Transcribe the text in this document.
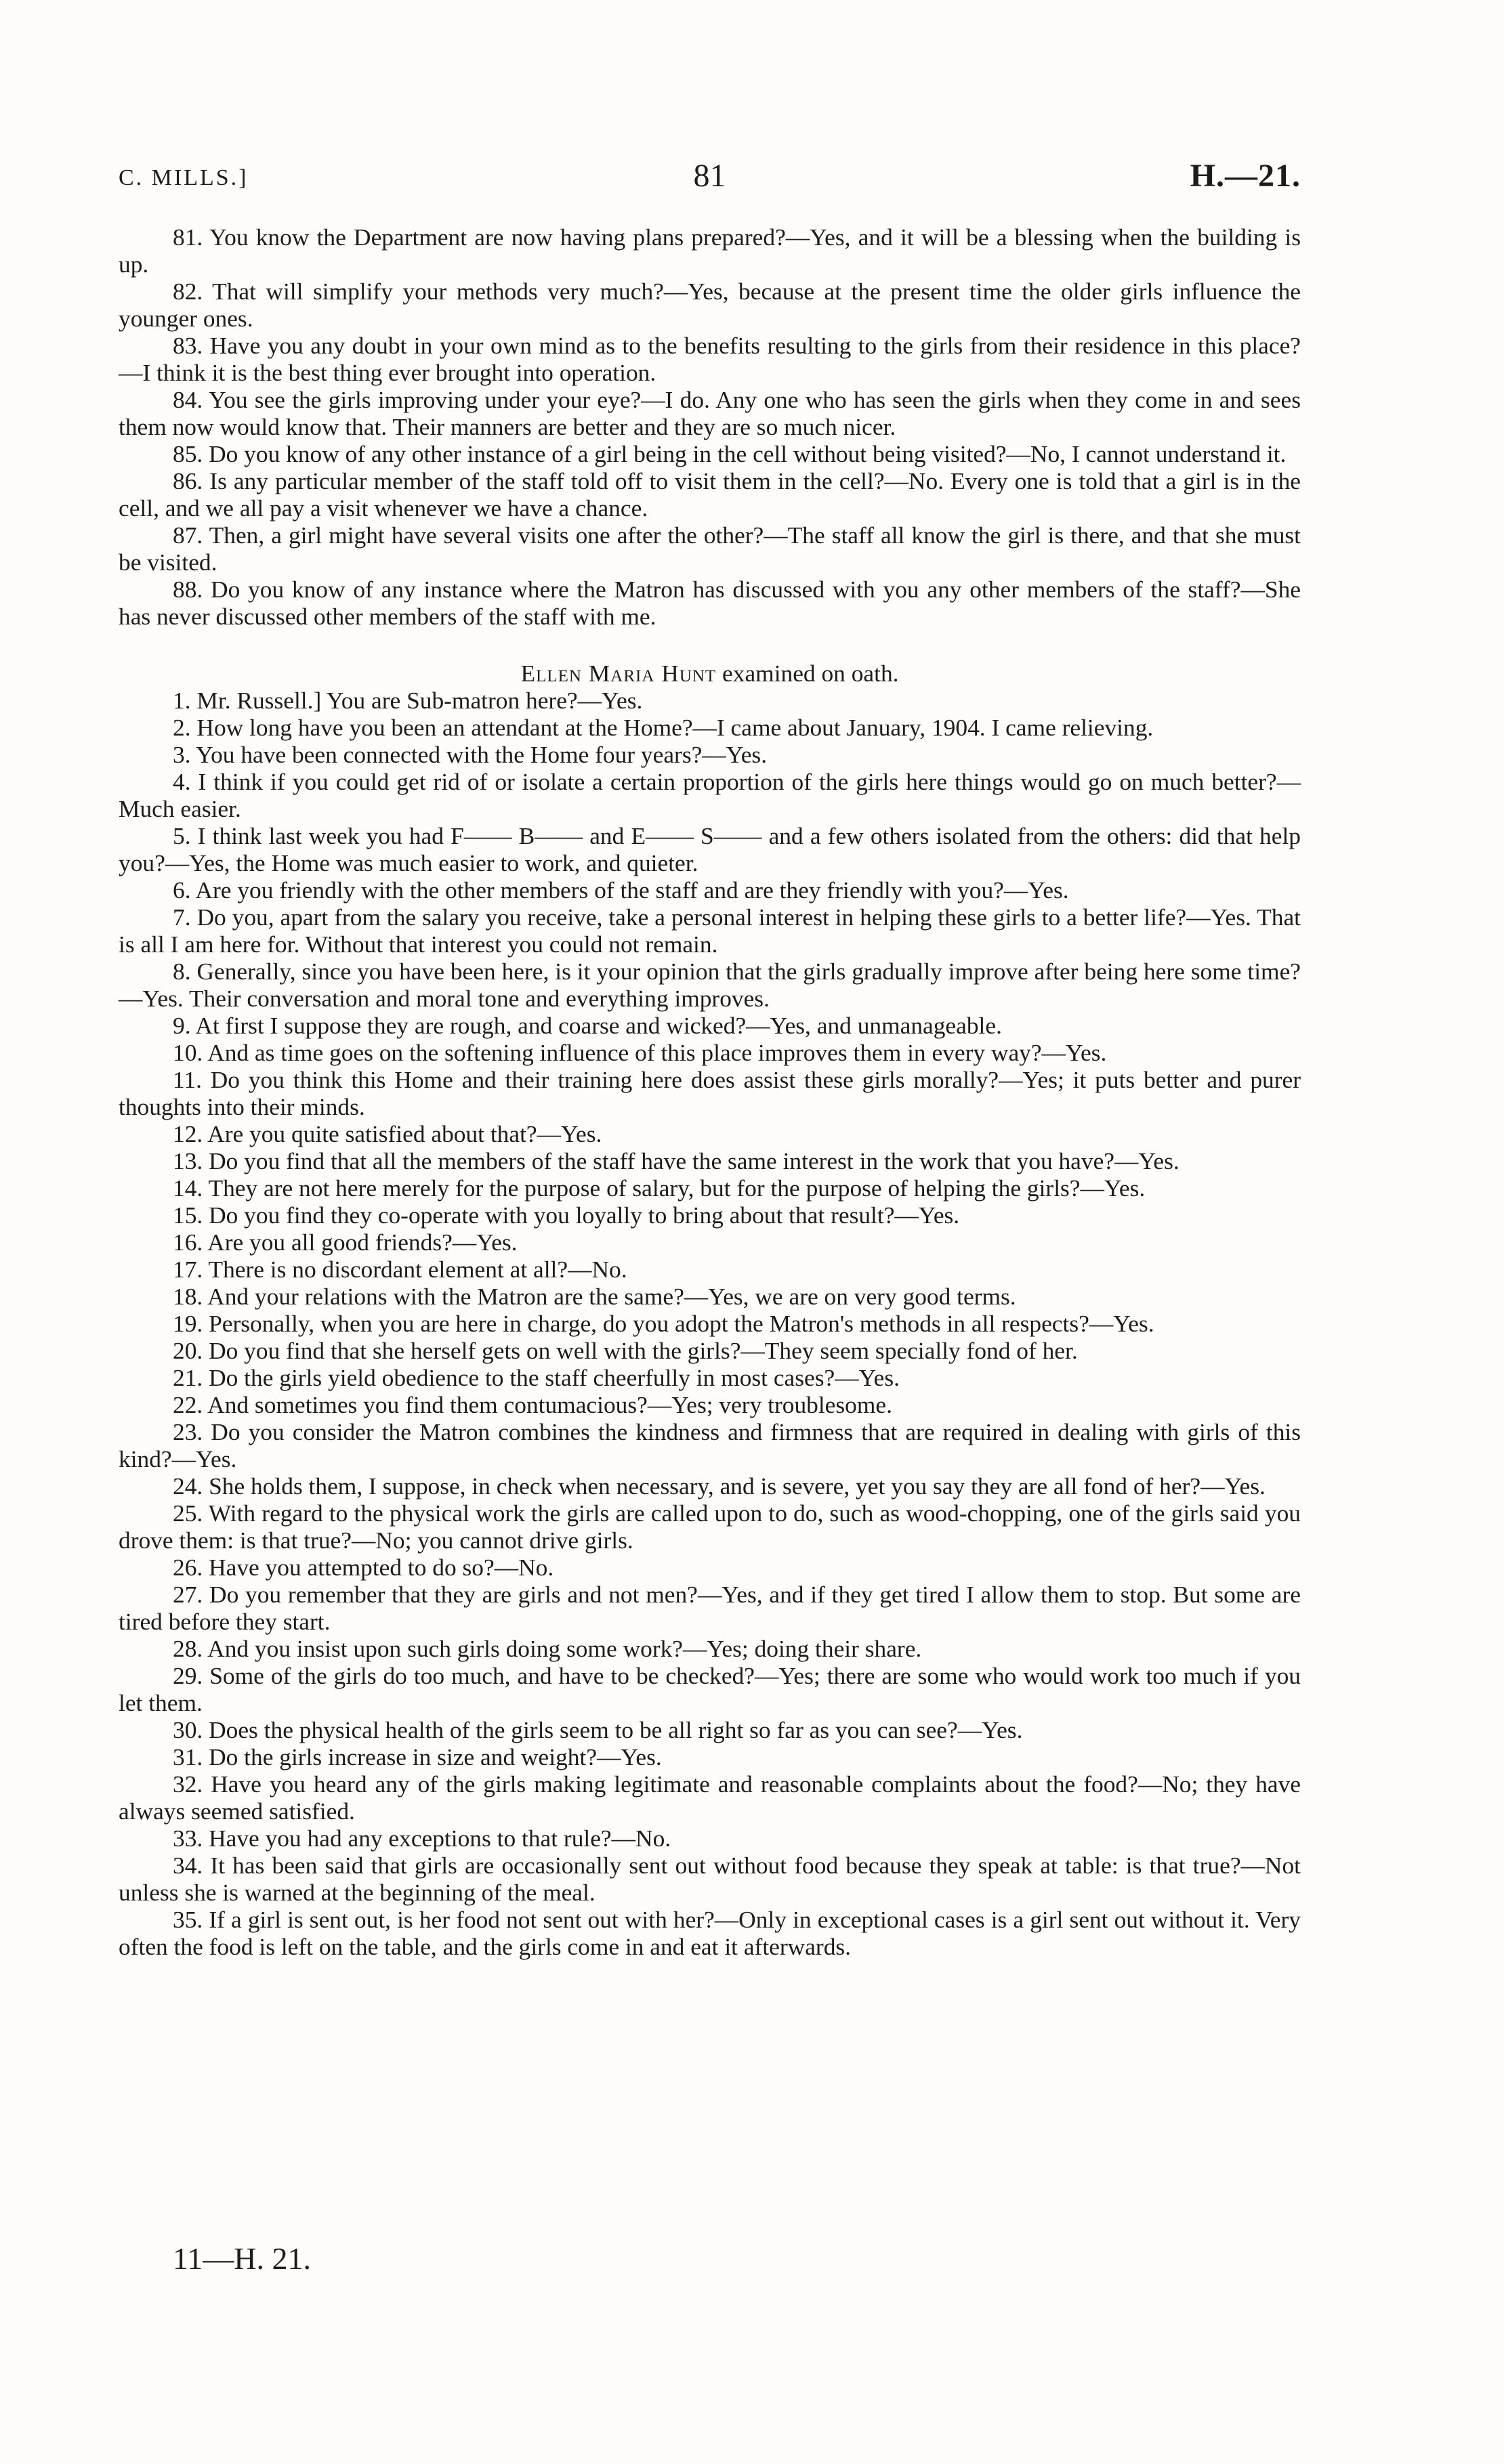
C. MILLS.]	81	H.—21.

81. You know the Department are now having plans prepared?—Yes, and it will be a blessing when the building is up.

82. That will simplify your methods very much?—Yes, because at the present time the older girls influence the younger ones.

83. Have you any doubt in your own mind as to the benefits resulting to the girls from their residence in this place?—I think it is the best thing ever brought into operation.

84. You see the girls improving under your eye?—I do. Any one who has seen the girls when they come in and sees them now would know that. Their manners are better and they are so much nicer.

85. Do you know of any other instance of a girl being in the cell without being visited?—No, I cannot understand it.

86. Is any particular member of the staff told off to visit them in the cell?—No. Every one is told that a girl is in the cell, and we all pay a visit whenever we have a chance.

87. Then, a girl might have several visits one after the other?—The staff all know the girl is there, and that she must be visited.

88. Do you know of any instance where the Matron has discussed with you any other members of the staff?—She has never discussed other members of the staff with me.

Ellen Maria Hunt examined on oath.

1. Mr. Russell.] You are Sub-matron here?—Yes.

2. How long have you been an attendant at the Home?—I came about January, 1904. I came relieving.

3. You have been connected with the Home four years?—Yes.

4. I think if you could get rid of or isolate a certain proportion of the girls here things would go on much better?—Much easier.

5. I think last week you had F—— B—— and E—— S—— and a few others isolated from the others: did that help you?—Yes, the Home was much easier to work, and quieter.

6. Are you friendly with the other members of the staff and are they friendly with you?—Yes.

7. Do you, apart from the salary you receive, take a personal interest in helping these girls to a better life?—Yes. That is all I am here for. Without that interest you could not remain.

8. Generally, since you have been here, is it your opinion that the girls gradually improve after being here some time?—Yes. Their conversation and moral tone and everything improves.

9. At first I suppose they are rough, and coarse and wicked?—Yes, and unmanageable.

10. And as time goes on the softening influence of this place improves them in every way?—Yes.

11. Do you think this Home and their training here does assist these girls morally?—Yes; it puts better and purer thoughts into their minds.

12. Are you quite satisfied about that?—Yes.

13. Do you find that all the members of the staff have the same interest in the work that you have?—Yes.

14. They are not here merely for the purpose of salary, but for the purpose of helping the girls?—Yes.

15. Do you find they co-operate with you loyally to bring about that result?—Yes.

16. Are you all good friends?—Yes.

17. There is no discordant element at all?—No.

18. And your relations with the Matron are the same?—Yes, we are on very good terms.

19. Personally, when you are here in charge, do you adopt the Matron's methods in all respects?—Yes.

20. Do you find that she herself gets on well with the girls?—They seem specially fond of her.

21. Do the girls yield obedience to the staff cheerfully in most cases?—Yes.

22. And sometimes you find them contumacious?—Yes; very troublesome.

23. Do you consider the Matron combines the kindness and firmness that are required in dealing with girls of this kind?—Yes.

24. She holds them, I suppose, in check when necessary, and is severe, yet you say they are all fond of her?—Yes.

25. With regard to the physical work the girls are called upon to do, such as wood-chopping, one of the girls said you drove them: is that true?—No; you cannot drive girls.

26. Have you attempted to do so?—No.

27. Do you remember that they are girls and not men?—Yes, and if they get tired I allow them to stop. But some are tired before they start.

28. And you insist upon such girls doing some work?—Yes; doing their share.

29. Some of the girls do too much, and have to be checked?—Yes; there are some who would work too much if you let them.

30. Does the physical health of the girls seem to be all right so far as you can see?—Yes.

31. Do the girls increase in size and weight?—Yes.

32. Have you heard any of the girls making legitimate and reasonable complaints about the food?—No; they have always seemed satisfied.

33. Have you had any exceptions to that rule?—No.

34. It has been said that girls are occasionally sent out without food because they speak at table: is that true?—Not unless she is warned at the beginning of the meal.

35. If a girl is sent out, is her food not sent out with her?—Only in exceptional cases is a girl sent out without it. Very often the food is left on the table, and the girls come in and eat it afterwards.

11—H. 21.
